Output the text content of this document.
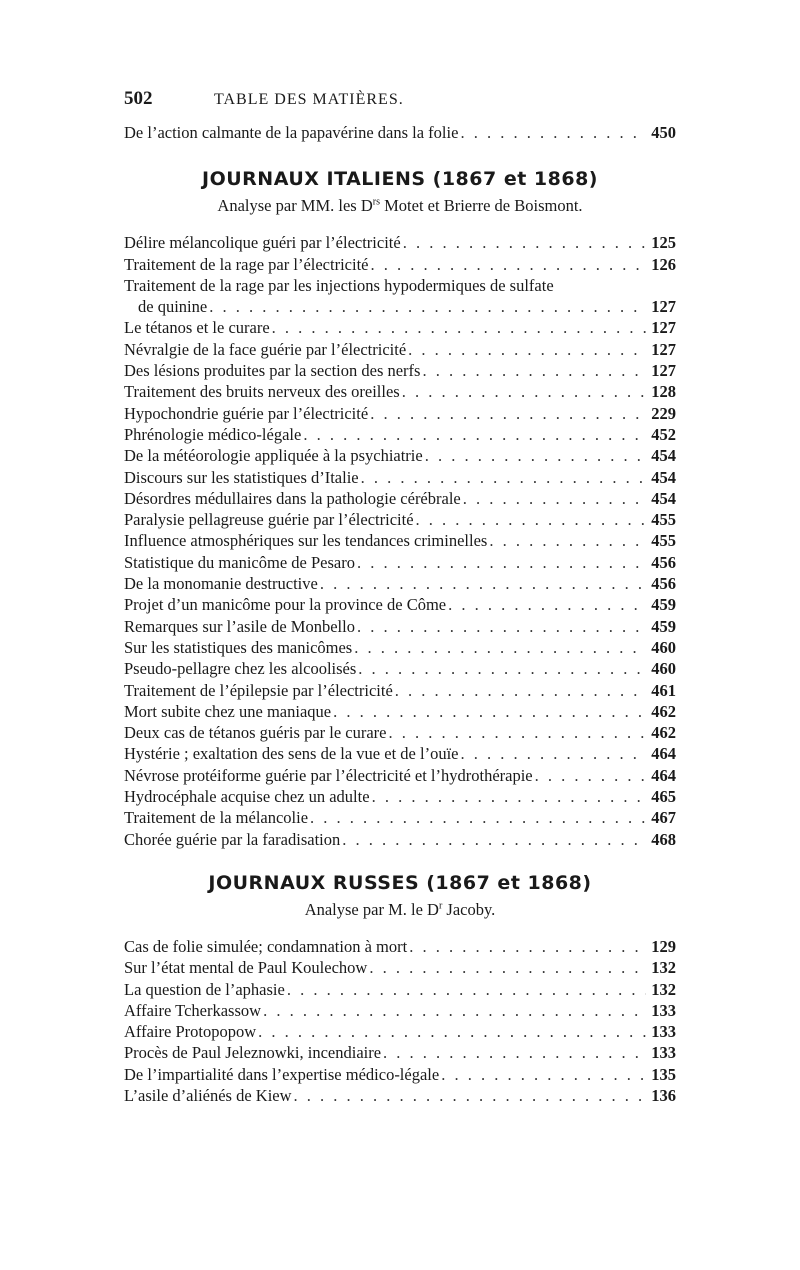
502	TABLE DES MATIÈRES.
De l’action calmante de la papavérine dans la folie . . .	450
JOURNAUX ITALIENS (1867 et 1868)
Analyse par MM. les $D^{rs}$ Motet et Brierre de Boismont.
Délire mélancolique guéri par l’électricité . . .	125
Traitement de la rage par l’électricité . . .	126
Traitement de la rage par les injections hypodermiques de sulfate
de quinine . . .	127
Le tétanos et le curare . . .	127
Névralgie de la face guérie par l’électricité . . .	127
Des lésions produites par la section des nerfs . . .	127
Traitement des bruits nerveux des oreilles . . .	128
Hypochondrie guérie par l’électricité . . .	229
Phrénologie médico-légale . . .	452
De la météorologie appliquée à la psychiatrie . . .	454
Discours sur les statistiques d’Italie . . .	454
Désordres médullaires dans la pathologie cérébrale . . .	454
Paralysie pellagreuse guérie par l’électricité . . .	455
Influence atmosphériques sur les tendances criminelles . . .	455
Statistique du manicôme de Pesaro . . .	456
De la monomanie destructive . . .	456
Projet d’un manicôme pour la province de Côme . . .	459
Remarques sur l’asile de Monbello . . .	459
Sur les statistiques des manicômes . . .	460
Pseudo-pellagre chez les alcoolisés . . .	460
Traitement de l’épilepsie par l’électricité . . .	461
Mort subite chez une maniaque . . .	462
Deux cas de tétanos guéris par le curare . . .	462
Hystérie ; exaltation des sens de la vue et de l’ouïe . . .	464
Névrose protéiforme guérie par l’électricité et l’hydrothérapie . . .	464
Hydrocéphale acquise chez un adulte . . .	465
Traitement de la mélancolie . . .	467
Chorée guérie par la faradisation . . .	468
JOURNAUX RUSSES (1867 et 1868)
Analyse par M. le $D^r$ Jacoby.
Cas de folie simulée; condamnation à mort . . .	129
Sur l’état mental de Paul Koulechow . . .	132
La question de l’aphasie . . .	132
Affaire Tcherkassow . . .	133
Affaire Protopopow . . .	133
Procès de Paul Jeleznowki, incendiaire . . .	133
De l’impartialité dans l’expertise médico-légale . . .	135
L’asile d’aliénés de Kiew . . .	136
